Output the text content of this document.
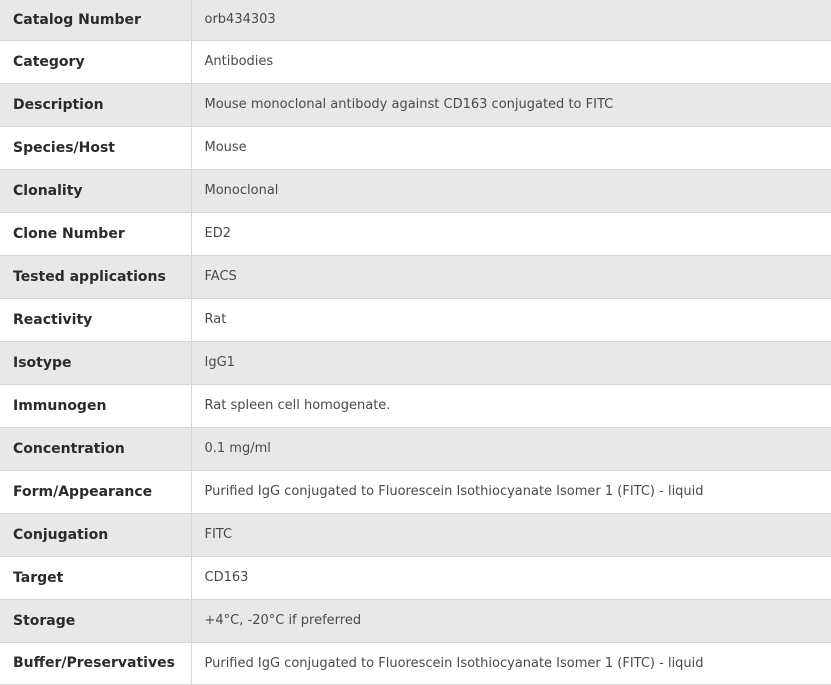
Catalog Number	orb434303
Category	Antibodies
Description	Mouse monoclonal antibody against CD163 conjugated to FITC
Species/Host	Mouse
Clonality	Monoclonal
Clone Number	ED2
Tested applications	FACS
Reactivity	Rat
Isotype	IgG1
Immunogen	Rat spleen cell homogenate.
Concentration	0.1 mg/ml
Form/Appearance	Purified IgG conjugated to Fluorescein Isothiocyanate Isomer 1 (FITC) - liquid
Conjugation	FITC
Target	CD163
Storage	+4°C, -20°C if preferred
Buffer/Preservatives	Purified IgG conjugated to Fluorescein Isothiocyanate Isomer 1 (FITC) - liquid
